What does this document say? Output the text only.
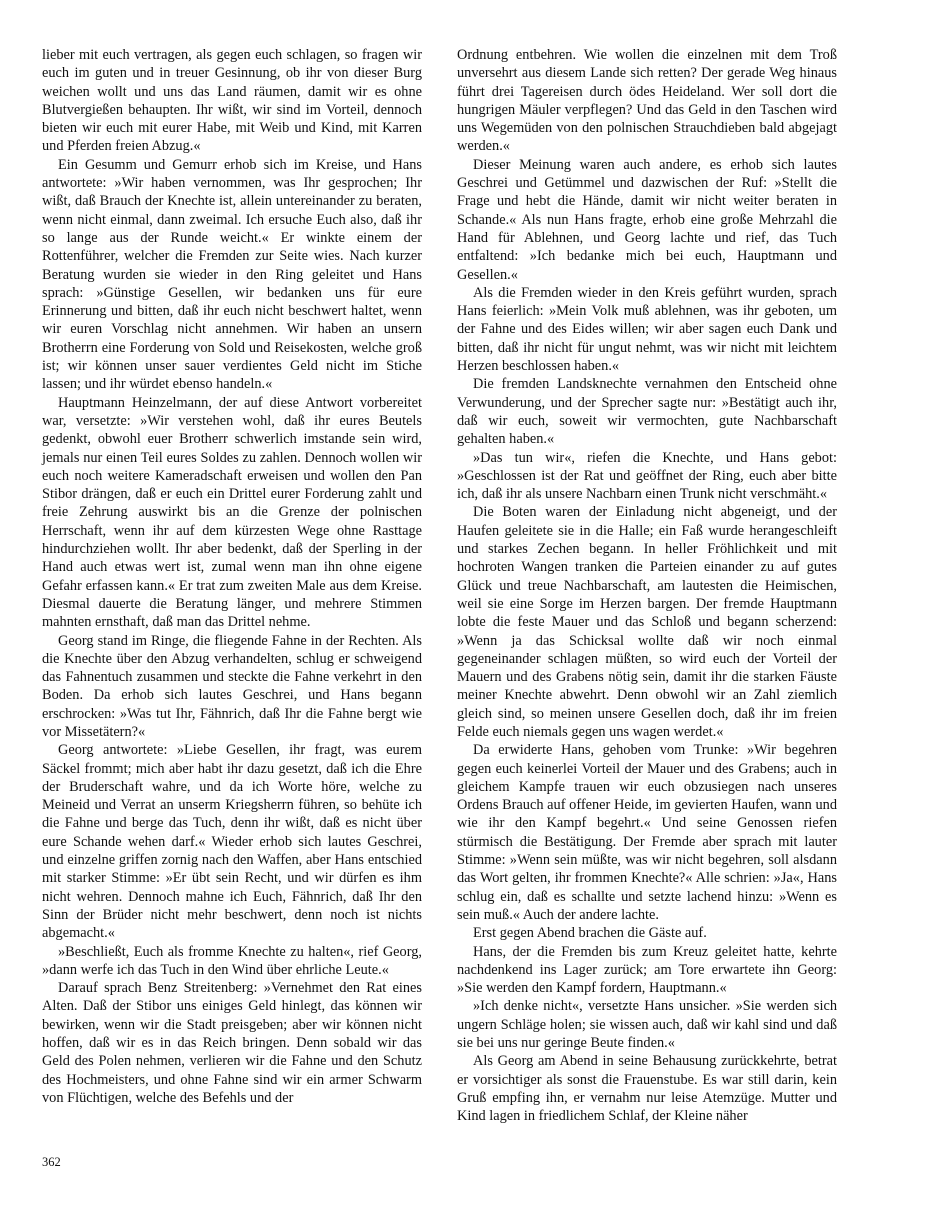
lieber mit euch vertragen, als gegen euch schlagen, so fragen wir euch im guten und in treuer Gesinnung, ob ihr von dieser Burg weichen wollt und uns das Land räumen, damit wir es ohne Blutvergießen behaupten. Ihr wißt, wir sind im Vorteil, dennoch bieten wir euch mit eurer Habe, mit Weib und Kind, mit Karren und Pferden freien Abzug.«

Ein Gesumm und Gemurr erhob sich im Kreise, und Hans antwortete: »Wir haben vernommen, was Ihr gesprochen; Ihr wißt, daß Brauch der Knechte ist, allein untereinander zu beraten, wenn nicht einmal, dann zweimal. Ich ersuche Euch also, daß ihr so lange aus der Runde weicht.« Er winkte einem der Rottenführer, welcher die Fremden zur Seite wies. Nach kurzer Beratung wurden sie wieder in den Ring geleitet und Hans sprach: »Günstige Gesellen, wir bedanken uns für eure Erinnerung und bitten, daß ihr euch nicht beschwert haltet, wenn wir euren Vorschlag nicht annehmen. Wir haben an unsern Brotherrn eine Forderung von Sold und Reisekosten, welche groß ist; wir können unser sauer verdientes Geld nicht im Stiche lassen; und ihr würdet ebenso handeln.«

Hauptmann Heinzelmann, der auf diese Antwort vorbereitet war, versetzte: »Wir verstehen wohl, daß ihr eures Beutels gedenkt, obwohl euer Brotherr schwerlich imstande sein wird, jemals nur einen Teil eures Soldes zu zahlen. Dennoch wollen wir euch noch weitere Kameradschaft erweisen und wollen den Pan Stibor drängen, daß er euch ein Drittel eurer Forderung zahlt und freie Zehrung auswirkt bis an die Grenze der polnischen Herrschaft, wenn ihr auf dem kürzesten Wege ohne Rasttage hindurchziehen wollt. Ihr aber bedenkt, daß der Sperling in der Hand auch etwas wert ist, zumal wenn man ihn ohne eigene Gefahr erfassen kann.« Er trat zum zweiten Male aus dem Kreise. Diesmal dauerte die Beratung länger, und mehrere Stimmen mahnten ernsthaft, daß man das Drittel nehme.

Georg stand im Ringe, die fliegende Fahne in der Rechten. Als die Knechte über den Abzug verhandelten, schlug er schweigend das Fahnentuch zusammen und steckte die Fahne verkehrt in den Boden. Da erhob sich lautes Geschrei, und Hans begann erschrocken: »Was tut Ihr, Fähnrich, daß Ihr die Fahne bergt wie vor Missetätern?«

Georg antwortete: »Liebe Gesellen, ihr fragt, was eurem Säckel frommt; mich aber habt ihr dazu gesetzt, daß ich die Ehre der Bruderschaft wahre, und da ich Worte höre, welche zu Meineid und Verrat an unserm Kriegsherrn führen, so behüte ich die Fahne und berge das Tuch, denn ihr wißt, daß es nicht über eure Schande wehen darf.« Wieder erhob sich lautes Geschrei, und einzelne griffen zornig nach den Waffen, aber Hans entschied mit starker Stimme: »Er übt sein Recht, und wir dürfen es ihm nicht wehren. Dennoch mahne ich Euch, Fähnrich, daß Ihr den Sinn der Brüder nicht mehr beschwert, denn noch ist nichts abgemacht.«

»Beschließt, Euch als fromme Knechte zu halten«, rief Georg, »dann werfe ich das Tuch in den Wind über ehrliche Leute.«

Darauf sprach Benz Streitenberg: »Vernehmet den Rat eines Alten. Daß der Stibor uns einiges Geld hinlegt, das können wir bewirken, wenn wir die Stadt preisgeben; aber wir können nicht hoffen, daß wir es in das Reich bringen. Denn sobald wir das Geld des Polen nehmen, verlieren wir die Fahne und den Schutz des Hochmeisters, und ohne Fahne sind wir ein armer Schwarm von Flüchtigen, welche des Befehls und der

Ordnung entbehren. Wie wollen die einzelnen mit dem Troß unversehrt aus diesem Lande sich retten? Der gerade Weg hinaus führt drei Tagereisen durch ödes Heideland. Wer soll dort die hungrigen Mäuler verpflegen? Und das Geld in den Taschen wird uns Wegemüden von den polnischen Strauchdieben bald abgejagt werden.«

Dieser Meinung waren auch andere, es erhob sich lautes Geschrei und Getümmel und dazwischen der Ruf: »Stellt die Frage und hebt die Hände, damit wir nicht weiter beraten in Schande.« Als nun Hans fragte, erhob eine große Mehrzahl die Hand für Ablehnen, und Georg lachte und rief, das Tuch entfaltend: »Ich bedanke mich bei euch, Hauptmann und Gesellen.«

Als die Fremden wieder in den Kreis geführt wurden, sprach Hans feierlich: »Mein Volk muß ablehnen, was ihr geboten, um der Fahne und des Eides willen; wir aber sagen euch Dank und bitten, daß ihr nicht für ungut nehmt, was wir nicht mit leichtem Herzen beschlossen haben.«

Die fremden Landsknechte vernahmen den Entscheid ohne Verwunderung, und der Sprecher sagte nur: »Bestätigt auch ihr, daß wir euch, soweit wir vermochten, gute Nachbarschaft gehalten haben.«

»Das tun wir«, riefen die Knechte, und Hans gebot: »Geschlossen ist der Rat und geöffnet der Ring, euch aber bitte ich, daß ihr als unsere Nachbarn einen Trunk nicht verschmäht.«

Die Boten waren der Einladung nicht abgeneigt, und der Haufen geleitete sie in die Halle; ein Faß wurde herangeschleift und starkes Zechen begann. In heller Fröhlichkeit und mit hochroten Wangen tranken die Parteien einander zu auf gutes Glück und treue Nachbarschaft, am lautesten die Heimischen, weil sie eine Sorge im Herzen bargen. Der fremde Hauptmann lobte die feste Mauer und das Schloß und begann scherzend: »Wenn ja das Schicksal wollte daß wir noch einmal gegeneinander schlagen müßten, so wird euch der Vorteil der Mauern und des Grabens nötig sein, damit ihr die starken Fäuste meiner Knechte abwehrt. Denn obwohl wir an Zahl ziemlich gleich sind, so meinen unsere Gesellen doch, daß ihr im freien Felde euch niemals gegen uns wagen werdet.«

Da erwiderte Hans, gehoben vom Trunke: »Wir begehren gegen euch keinerlei Vorteil der Mauer und des Grabens; auch in gleichem Kampfe trauen wir euch obzusiegen nach unseres Ordens Brauch auf offener Heide, im gevierten Haufen, wann und wie ihr den Kampf begehrt.« Und seine Genossen riefen stürmisch die Bestätigung. Der Fremde aber sprach mit lauter Stimme: »Wenn sein müßte, was wir nicht begehren, soll alsdann das Wort gelten, ihr frommen Knechte?« Alle schrien: »Ja«, Hans schlug ein, daß es schallte und setzte lachend hinzu: »Wenn es sein muß.« Auch der andere lachte.

Erst gegen Abend brachen die Gäste auf.

Hans, der die Fremden bis zum Kreuz geleitet hatte, kehrte nachdenkend ins Lager zurück; am Tore erwartete ihn Georg: »Sie werden den Kampf fordern, Hauptmann.«

»Ich denke nicht«, versetzte Hans unsicher. »Sie werden sich ungern Schläge holen; sie wissen auch, daß wir kahl sind und daß sie bei uns nur geringe Beute finden.«

Als Georg am Abend in seine Behausung zurückkehrte, betrat er vorsichtiger als sonst die Frauenstube. Es war still darin, kein Gruß empfing ihn, er vernahm nur leise Atemzüge. Mutter und Kind lagen in friedlichem Schlaf, der Kleine näher

362
